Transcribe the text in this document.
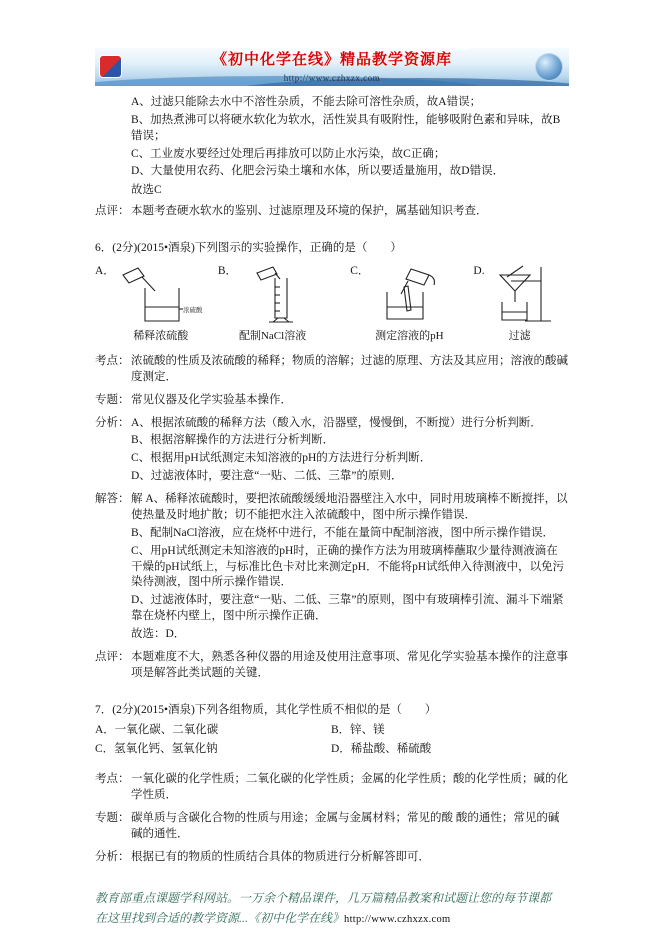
《初中化学在线》精品教学资源库
http://www.czhxzx.com
A、过滤只能除去水中不溶性杂质，不能去除可溶性杂质，故A错误；
B、加热煮沸可以将硬水软化为软水，活性炭具有吸附性，能够吸附色素和异味，故B错误；
C、工业废水要经过处理后再排放可以防止水污染，故C正确；
D、大量使用农药、化肥会污染土壤和水体，所以要适量施用，故D错误．
故选C
点评： 本题考查硬水软水的鉴别、过滤原理及环境的保护，属基础知识考查．

6．(2分)(2015•酒泉)下列图示的实验操作，正确的是（　　）
A．
浓硫酸
稀释浓硫酸
B．
配制NaCl溶液
C．
测定溶液的pH
D.
过滤
考点： 浓硫酸的性质及浓硫酸的稀释；物质的溶解；过滤的原理、方法及其应用；溶液的酸碱度测定．

专题： 常见仪器及化学实验基本操作．

分析： A、根据浓硫酸的稀释方法（酸入水，沿器壁，慢慢倒，不断搅）进行分析判断．

B、根据溶解操作的方法进行分析判断．

C、根据用pH试纸测定未知溶液的pH的方法进行分析判断．

D、过滤液体时，要注意“一贴、二低、三靠”的原则．

解答： 解 A、稀释浓硫酸时，要把浓硫酸缓缓地沿器壁注入水中，同时用玻璃棒不断搅拌，以使热量及时地扩散；切不能把水注入浓硫酸中，图中所示操作错误．

B、配制NaCl溶液，应在烧杯中进行，不能在量筒中配制溶液，图中所示操作错误．

C、用pH试纸测定未知溶液的pH时，正确的操作方法为用玻璃棒蘸取少量待测液滴在干燥的pH试纸上，与标准比色卡对比来测定pH．不能将pH试纸伸入待测液中，以免污染待测液，图中所示操作错误．

D、过滤液体时，要注意“一贴、二低、三靠”的原则，图中有玻璃棒引流、漏斗下端紧靠在烧杯内壁上，图中所示操作正确．

故选：D．

点评： 本题难度不大，熟悉各种仪器的用途及使用注意事项、常见化学实验基本操作的注意事项是解答此类试题的关键．

7．(2分)(2015•酒泉)下列各组物质，其化学性质不相似的是（　　）
A．一氧化碳、二氧化碳	B．锌、镁
C．氢氧化钙、氢氧化钠	D．稀盐酸、稀硫酸
考点： 一氧化碳的化学性质；二氧化碳的化学性质；金属的化学性质；酸的化学性质；碱的化学性质．

专题： 碳单质与含碳化合物的性质与用途；金属与金属材料；常见的酸 酸的通性；常见的碱 碱的通性．

分析： 根据已有的物质的性质结合具体的物质进行分析解答即可．

教育部重点课题学科网站。一万余个精品课件，几万篇精品教案和试题让您的每节课都在这里找到合适的教学资源...《初中化学在线》http://www.czhxzx.com
